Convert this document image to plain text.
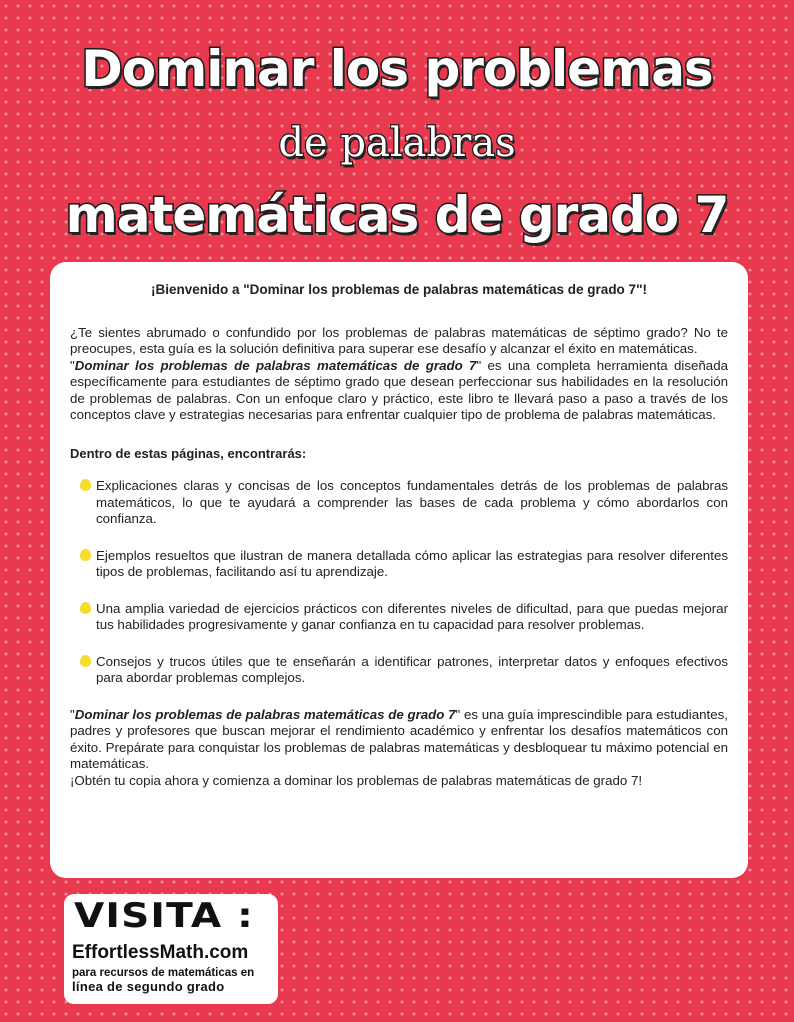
Dominar los problemas
de palabras
matemáticas de grado 7
¡Bienvenido a "Dominar los problemas de palabras matemáticas de grado 7"!

¿Te sientes abrumado o confundido por los problemas de palabras matemáticas de séptimo grado? No te preocupes, esta guía es la solución definitiva para superar ese desafío y alcanzar el éxito en matemáticas.
"Dominar los problemas de palabras matemáticas de grado 7" es una completa herramienta diseñada específicamente para estudiantes de séptimo grado que desean perfeccionar sus habilidades en la resolución de problemas de palabras. Con un enfoque claro y práctico, este libro te llevará paso a paso a través de los conceptos clave y estrategias necesarias para enfrentar cualquier tipo de problema de palabras matemáticas.

Dentro de estas páginas, encontrarás:
Explicaciones claras y concisas de los conceptos fundamentales detrás de los problemas de palabras matemáticos, lo que te ayudará a comprender las bases de cada problema y cómo abordarlos con confianza.
Ejemplos resueltos que ilustran de manera detallada cómo aplicar las estrategias para resolver diferentes tipos de problemas, facilitando así tu aprendizaje.
Una amplia variedad de ejercicios prácticos con diferentes niveles de dificultad, para que puedas mejorar tus habilidades progresivamente y ganar confianza en tu capacidad para resolver problemas.
Consejos y trucos útiles que te enseñarán a identificar patrones, interpretar datos y enfoques efectivos para abordar problemas complejos.

"Dominar los problemas de palabras matemáticas de grado 7" es una guía imprescindible para estudiantes, padres y profesores que buscan mejorar el rendimiento académico y enfrentar los desafíos matemáticos con éxito. Prepárate para conquistar los problemas de palabras matemáticas y desbloquear tu máximo potencial en matemáticas.
¡Obtén tu copia ahora y comienza a dominar los problemas de palabras matemáticas de grado 7!

VISITA :
EffortlessMath.com
para recursos de matemáticas en
línea de segundo grado
